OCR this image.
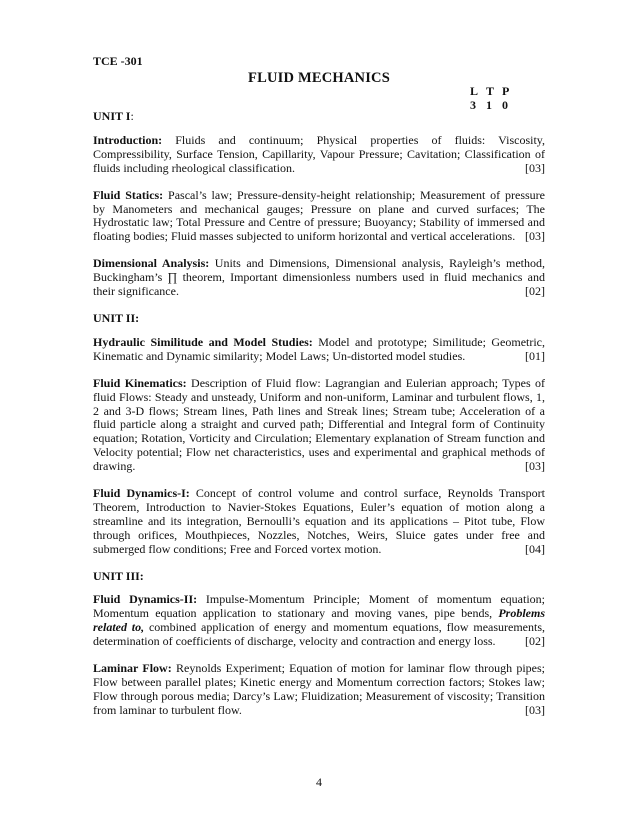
TCE -301
FLUID MECHANICS
L T P
3 1 0
UNIT I:
Introduction: Fluids and continuum; Physical properties of fluids: Viscosity, Compressibility, Surface Tension, Capillarity, Vapour Pressure; Cavitation; Classification of fluids including rheological classification.	[03]
Fluid Statics: Pascal’s law; Pressure-density-height relationship; Measurement of pressure by Manometers and mechanical gauges; Pressure on plane and curved surfaces; The Hydrostatic law; Total Pressure and Centre of pressure; Buoyancy; Stability of immersed and floating bodies; Fluid masses subjected to uniform horizontal and vertical accelerations. [03]
Dimensional Analysis: Units and Dimensions, Dimensional analysis, Rayleigh’s method, Buckingham’s ∏ theorem, Important dimensionless numbers used in fluid mechanics and their significance.	[02]
UNIT II:
Hydraulic Similitude and Model Studies: Model and prototype; Similitude; Geometric, Kinematic and Dynamic similarity; Model Laws; Un-distorted model studies.	[01]
Fluid Kinematics: Description of Fluid flow: Lagrangian and Eulerian approach; Types of fluid Flows: Steady and unsteady, Uniform and non-uniform, Laminar and turbulent flows, 1, 2 and 3-D flows; Stream lines, Path lines and Streak lines; Stream tube; Acceleration of a fluid particle along a straight and curved path; Differential and Integral form of Continuity equation; Rotation, Vorticity and Circulation; Elementary explanation of Stream function and Velocity potential; Flow net characteristics, uses and experimental and graphical methods of drawing.	[03]
Fluid Dynamics-I: Concept of control volume and control surface, Reynolds Transport Theorem, Introduction to Navier-Stokes Equations, Euler’s equation of motion along a streamline and its integration, Bernoulli’s equation and its applications – Pitot tube, Flow through orifices, Mouthpieces, Nozzles, Notches, Weirs, Sluice gates under free and submerged flow conditions; Free and Forced vortex motion.	[04]
UNIT III:
Fluid Dynamics-II: Impulse-Momentum Principle; Moment of momentum equation; Momentum equation application to stationary and moving vanes, pipe bends, Problems related to, combined application of energy and momentum equations, flow measurements, determination of coefficients of discharge, velocity and contraction and energy loss. [02]
Laminar Flow: Reynolds Experiment; Equation of motion for laminar flow through pipes; Flow between parallel plates; Kinetic energy and Momentum correction factors; Stokes law; Flow through porous media; Darcy’s Law; Fluidization; Measurement of viscosity; Transition from laminar to turbulent flow.	[03]
4
